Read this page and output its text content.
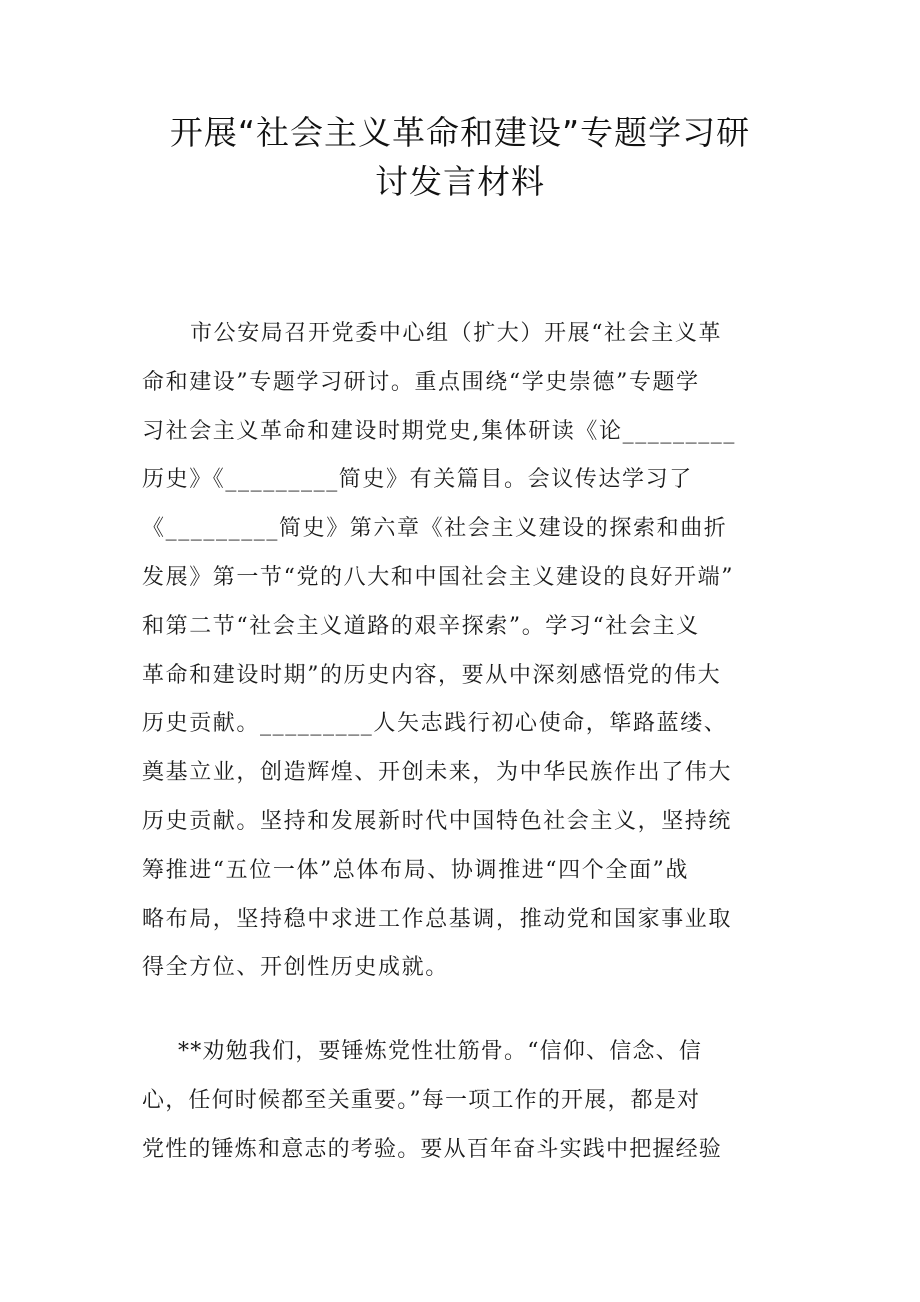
开展“社会主义革命和建设”专题学习研
讨发言材料
市公安局召开党委中心组（扩大）开展“社会主义革
命和建设”专题学习研讨。重点围绕“学史崇德”专题学
习社会主义革命和建设时期党史,集体研读《论_________
历史》《_________简史》有关篇目。会议传达学习了
《_________简史》第六章《社会主义建设的探索和曲折
发展》第一节“党的八大和中国社会主义建设的良好开端”
和第二节“社会主义道路的艰辛探索”。学习“社会主义
革命和建设时期”的历史内容，要从中深刻感悟党的伟大
历史贡献。_________人矢志践行初心使命，筚路蓝缕、
奠基立业，创造辉煌、开创未来，为中华民族作出了伟大
历史贡献。坚持和发展新时代中国特色社会主义，坚持统
筹推进“五位一体”总体布局、协调推进“四个全面”战
略布局，坚持稳中求进工作总基调，推动党和国家事业取
得全方位、开创性历史成就。
**劝勉我们，要锤炼党性壮筋骨。“信仰、信念、信
心，任何时候都至关重要。”每一项工作的开展，都是对
党性的锤炼和意志的考验。要从百年奋斗实践中把握经验
